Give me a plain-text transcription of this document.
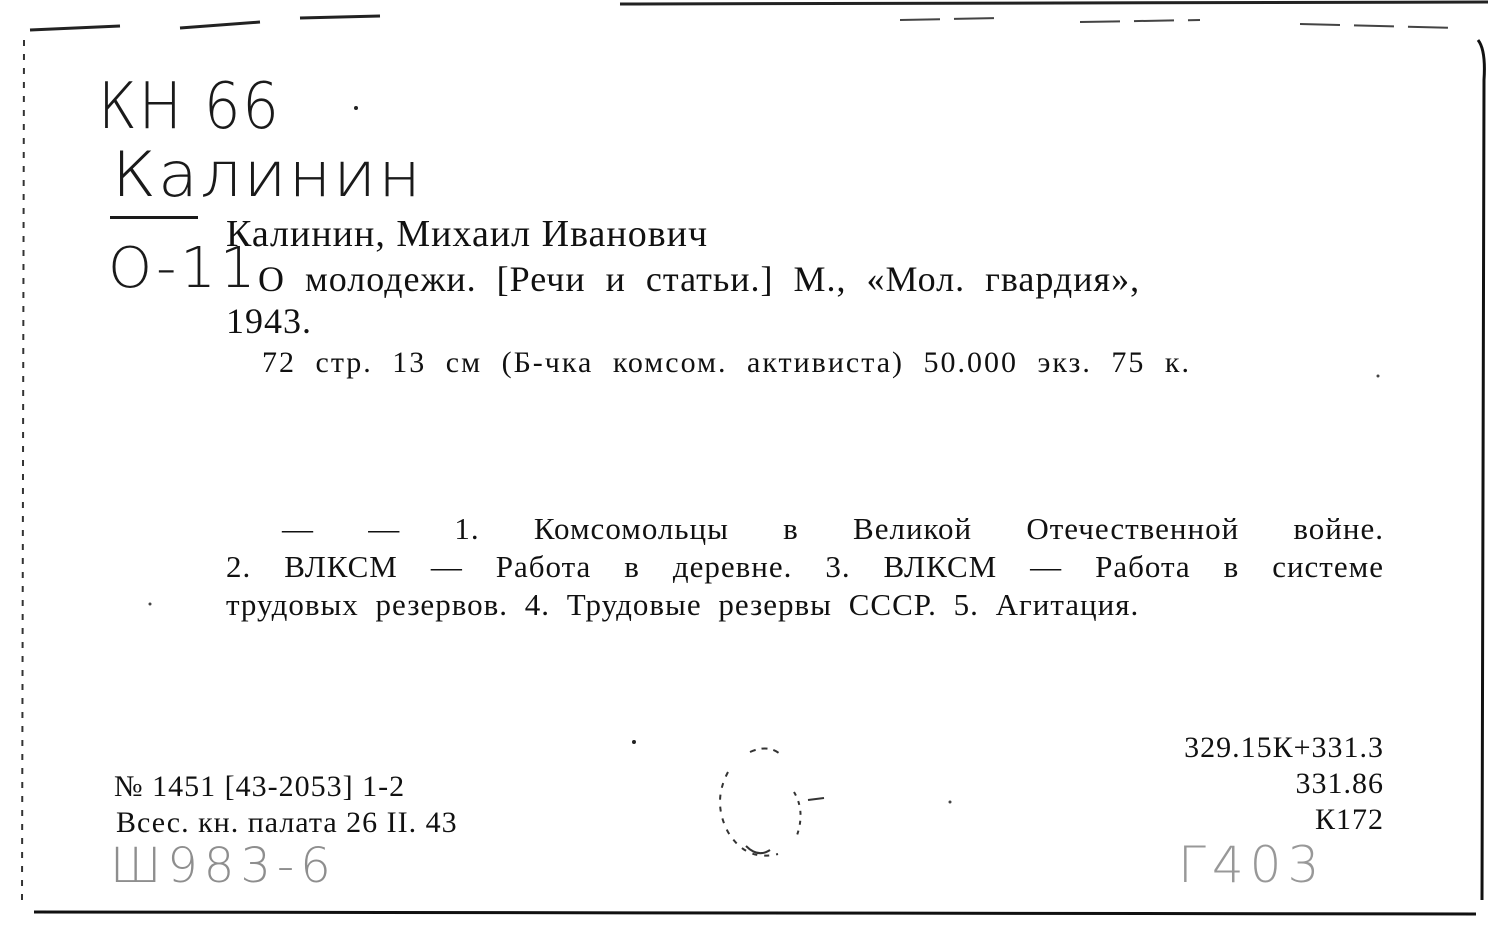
КН 66
Калинин
О-11
Калинин, Михаил Иванович
О молодежи. [Речи и статьи.] М., «Мол. гвардия»,
1943.
72 стр. 13 см (Б-чка комсом. активиста) 50.000 экз. 75 к.
— — 1. Комсомольцы в Великой Отечественной войне.
2. ВЛКСМ — Работа в деревне. 3. ВЛКСМ — Работа в системе
трудовых резервов. 4. Трудовые резервы СССР. 5. Агитация.
№ 1451 [43-2053] 1-2
Всес. кн. палата 26 II. 43
329.15К+331.3
331.86
К172
Ш983-6	Г403
